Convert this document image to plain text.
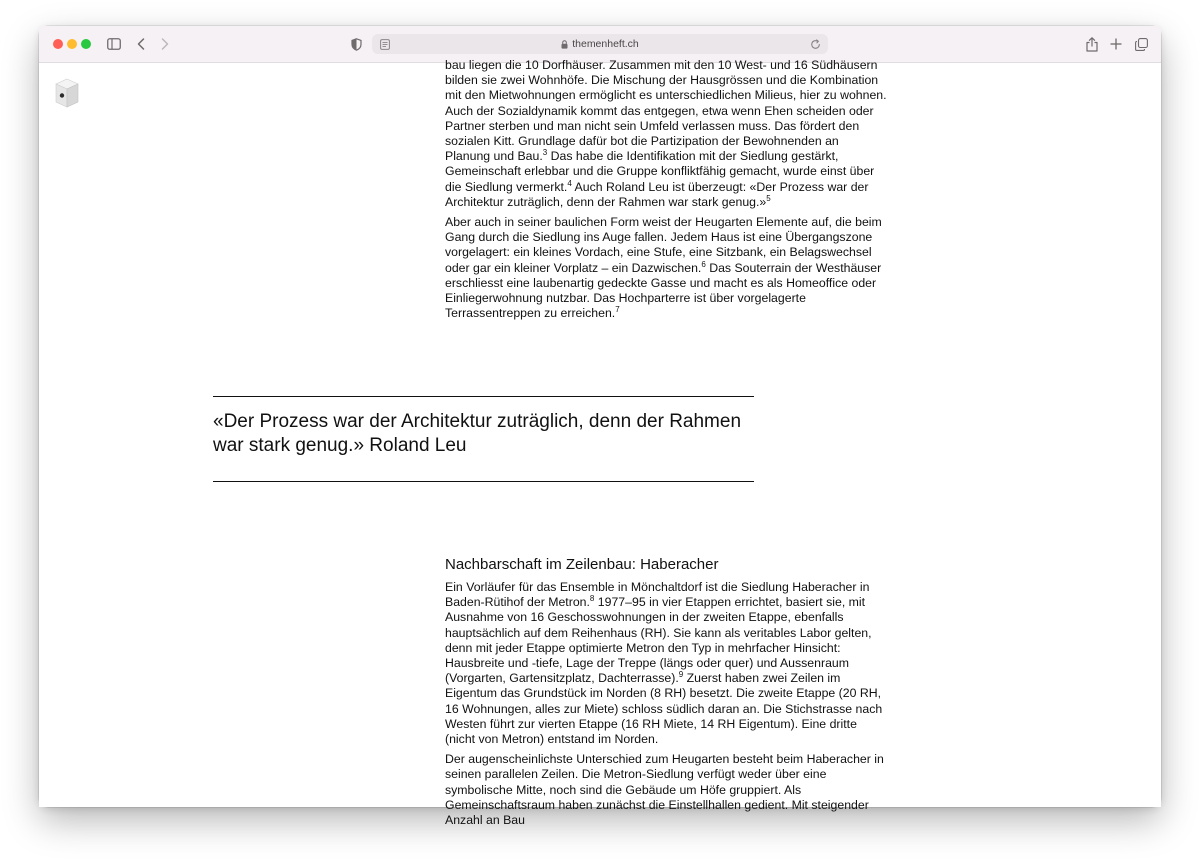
themenheft.ch

bau liegen die 10 Dorfhäuser. Zusammen mit den 10 West- und 16 Südhäusern bilden sie zwei Wohnhöfe. Die Mischung der Hausgrössen und die Kombination mit den Mietwohnungen ermöglicht es unterschiedlichen Milieus, hier zu wohnen. Auch der Sozialdynamik kommt das entgegen, etwa wenn Ehen scheiden oder Partner sterben und man nicht sein Umfeld verlassen muss. Das fördert den sozialen Kitt. Grundlage dafür bot die Partizipation der Bewohnenden an Planung und Bau.$^3$ Das habe die Identifikation mit der Siedlung gestärkt, Gemeinschaft erlebbar und die Gruppe konfliktfähig gemacht, wurde einst über die Siedlung vermerkt.$^4$ Auch Roland Leu ist überzeugt: «Der Prozess war der Architektur zuträglich, denn der Rahmen war stark genug.»$^5$

Aber auch in seiner baulichen Form weist der Heugarten Elemente auf, die beim Gang durch die Siedlung ins Auge fallen. Jedem Haus ist eine Übergangszone vorgelagert: ein kleines Vordach, eine Stufe, eine Sitzbank, ein Belagswechsel oder gar ein kleiner Vorplatz – ein Dazwischen.$^6$ Das Souterrain der Westhäuser erschliesst eine laubenartig gedeckte Gasse und macht es als Homeoffice oder Einliegerwohnung nutzbar. Das Hochparterre ist über vorgelagerte Terrassentreppen zu erreichen.$^7$

«Der Prozess war der Architektur zuträglich, denn der Rahmen war stark genug.» Roland Leu
Nachbarschaft im Zeilenbau: Haberacher

Ein Vorläufer für das Ensemble in Mönchaltdorf ist die Siedlung Haberacher in Baden-Rütihof der Metron.$^8$ 1977–95 in vier Etappen errichtet, basiert sie, mit Ausnahme von 16 Geschosswohnungen in der zweiten Etappe, ebenfalls hauptsächlich auf dem Reihenhaus (RH). Sie kann als veritables Labor gelten, denn mit jeder Etappe optimierte Metron den Typ in mehrfacher Hinsicht: Hausbreite und -tiefe, Lage der Treppe (längs oder quer) und Aussenraum (Vorgarten, Gartensitzplatz, Dachterrasse).$^9$ Zuerst haben zwei Zeilen im Eigentum das Grundstück im Norden (8 RH) besetzt. Die zweite Etappe (20 RH, 16 Wohnungen, alles zur Miete) schloss südlich daran an. Die Stichstrasse nach Westen führt zur vierten Etappe (16 RH Miete, 14 RH Eigentum). Eine dritte (nicht von Metron) entstand im Norden.

Der augenscheinlichste Unterschied zum Heugarten besteht beim Haberacher in seinen parallelen Zeilen. Die Metron-Siedlung verfügt weder über eine symbolische Mitte, noch sind die Gebäude um Höfe gruppiert. Als Gemeinschaftsraum haben zunächst die Einstellhallen gedient. Mit steigender Anzahl an Bau
